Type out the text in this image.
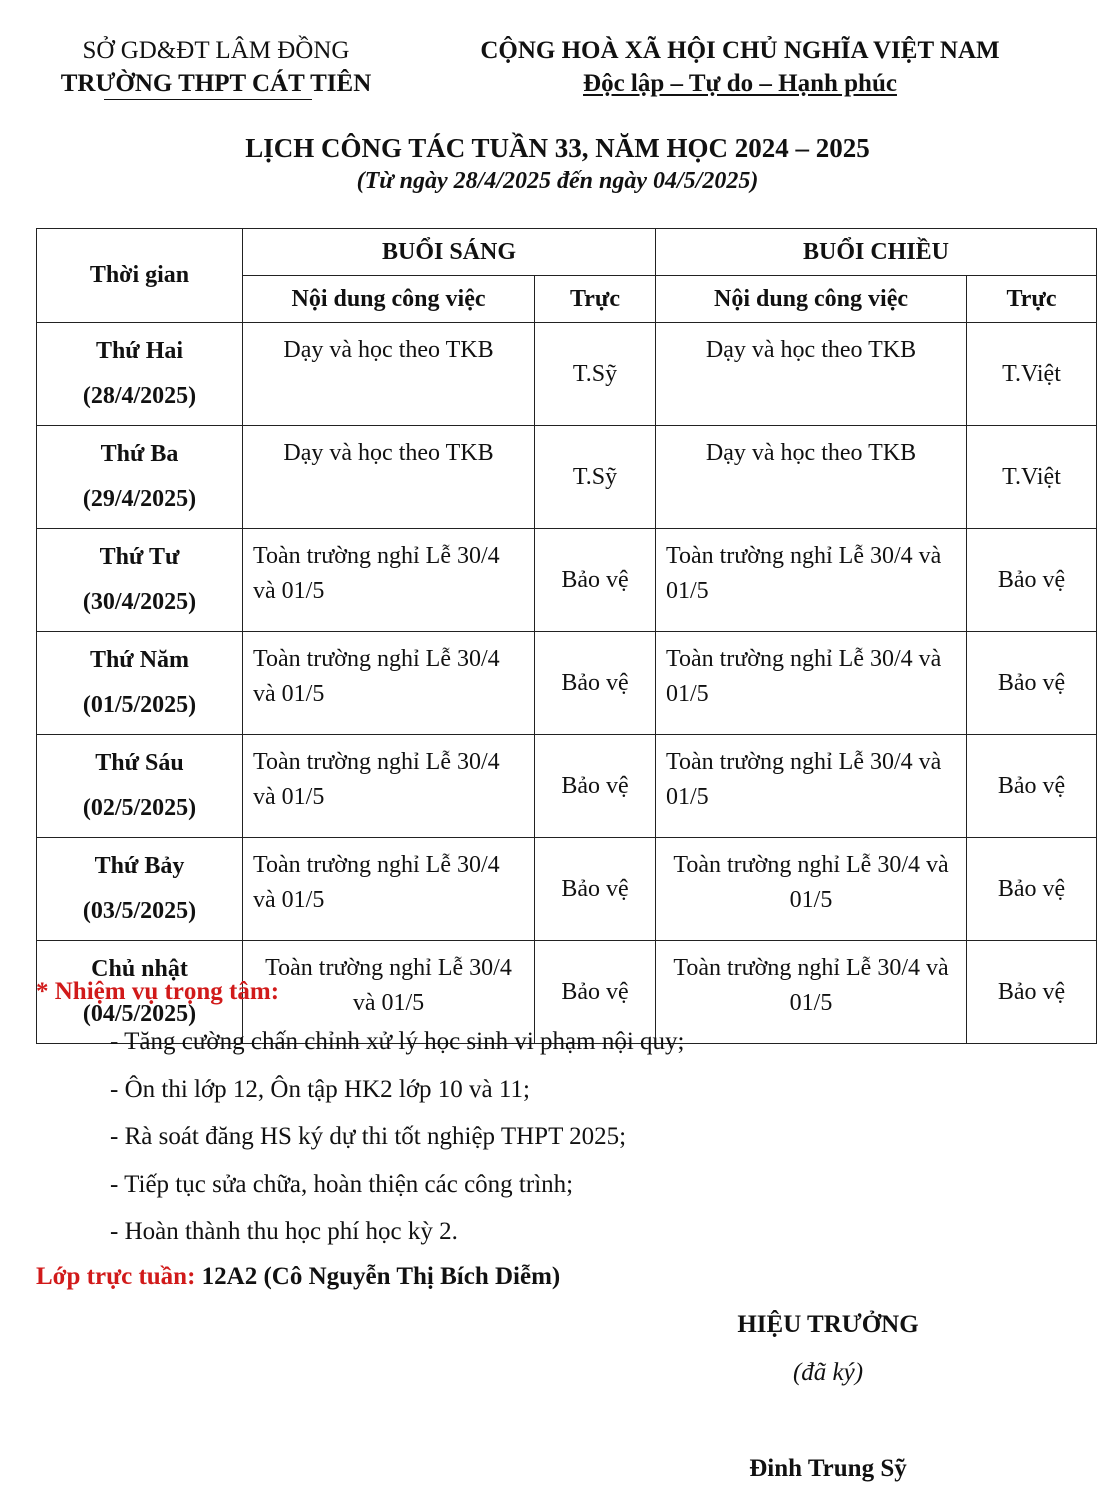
SỞ GD&ĐT LÂM ĐỒNG
TRƯỜNG THPT CÁT TIÊN
CỘNG HOÀ XÃ HỘI CHỦ NGHĨA VIỆT NAM
Độc lập – Tự do – Hạnh phúc
LỊCH CÔNG TÁC TUẦN 33, NĂM HỌC 2024 – 2025
(Từ ngày 28/4/2025 đến ngày 04/5/2025)
Thời gian	BUỔI SÁNG		BUỔI CHIỀU	
	Nội dung công việc	Trực	Nội dung công việc	Trực

Thứ Hai
(28/4/2025)	Dạy và học theo TKB	T.Sỹ	Dạy và học theo TKB	T.Việt

Thứ Ba
(29/4/2025)	Dạy và học theo TKB	T.Sỹ	Dạy và học theo TKB	T.Việt

Thứ Tư
(30/4/2025)	Toàn trường nghỉ Lễ 30/4 và 01/5	Bảo vệ	Toàn trường nghỉ Lễ 30/4 và 01/5	Bảo vệ

Thứ Năm
(01/5/2025)	Toàn trường nghỉ Lễ 30/4 và 01/5	Bảo vệ	Toàn trường nghỉ Lễ 30/4 và 01/5	Bảo vệ

Thứ Sáu
(02/5/2025)	Toàn trường nghỉ Lễ 30/4 và 01/5	Bảo vệ	Toàn trường nghỉ Lễ 30/4 và 01/5	Bảo vệ

Thứ Bảy
(03/5/2025)	Toàn trường nghỉ Lễ 30/4 và 01/5	Bảo vệ	Toàn trường nghỉ Lễ 30/4 và 01/5	Bảo vệ

Chủ nhật
(04/5/2025)	Toàn trường nghỉ Lễ 30/4 và 01/5	Bảo vệ	Toàn trường nghỉ Lễ 30/4 và 01/5	Bảo vệ
* Nhiệm vụ trọng tâm:
- Tăng cường chấn chỉnh xử lý học sinh vi phạm nội quy;
- Ôn thi lớp 12, Ôn tập HK2 lớp 10 và 11;
- Rà soát đăng HS ký dự thi tốt nghiệp THPT 2025;
- Tiếp tục sửa chữa, hoàn thiện các công trình;
- Hoàn thành thu học phí học kỳ 2.
Lớp trực tuần: 12A2 (Cô Nguyễn Thị Bích Diễm)
HIỆU TRƯỞNG
(đã ký)
Đinh Trung Sỹ
